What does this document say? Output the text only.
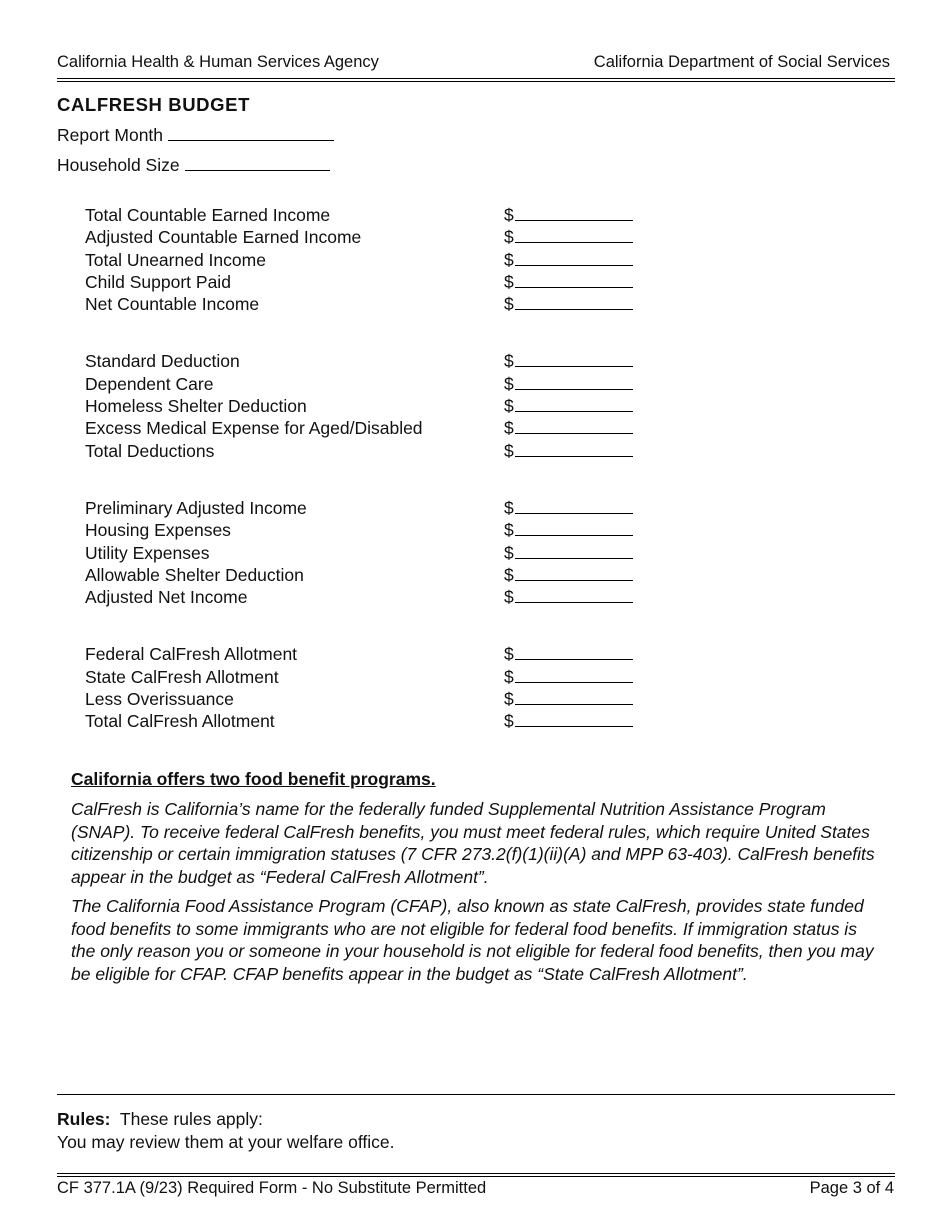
California Health & Human Services Agency	California Department of Social Services
CALFRESH BUDGET
Report Month
Household Size
Total Countable Earned Income	$
Adjusted Countable Earned Income	$
Total Unearned Income	$
Child Support Paid	$
Net Countable Income	$
Standard Deduction	$
Dependent Care	$
Homeless Shelter Deduction	$
Excess Medical Expense for Aged/Disabled	$
Total Deductions	$
Preliminary Adjusted Income	$
Housing Expenses	$
Utility Expenses	$
Allowable Shelter Deduction	$
Adjusted Net Income	$
Federal CalFresh Allotment	$
State CalFresh Allotment	$
Less Overissuance	$
Total CalFresh Allotment	$
California offers two food benefit programs.

CalFresh is California’s name for the federally funded Supplemental Nutrition Assistance Program (SNAP). To receive federal CalFresh benefits, you must meet federal rules, which require United States citizenship or certain immigration statuses (7 CFR 273.2(f)(1)(ii)(A) and MPP 63-403). CalFresh benefits appear in the budget as “Federal CalFresh Allotment”.

The California Food Assistance Program (CFAP), also known as state CalFresh, provides state funded food benefits to some immigrants who are not eligible for federal food benefits. If immigration status is the only reason you or someone in your household is not eligible for federal food benefits, then you may be eligible for CFAP. CFAP benefits appear in the budget as “State CalFresh Allotment”.

Rules: These rules apply:
You may review them at your welfare office.
CF 377.1A (9/23) Required Form - No Substitute Permitted	Page 3 of 4
